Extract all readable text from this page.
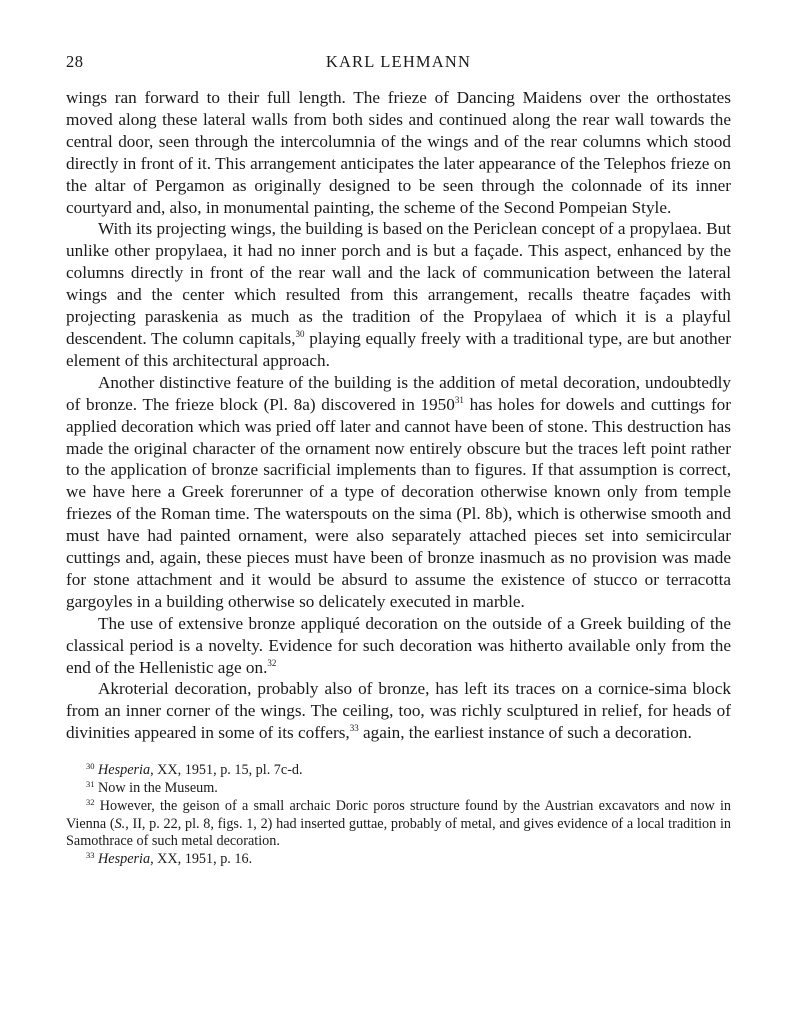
28	KARL LEHMANN

wings ran forward to their full length. The frieze of Dancing Maidens over the orthostates moved along these lateral walls from both sides and continued along the rear wall towards the central door, seen through the intercolumnia of the wings and of the rear columns which stood directly in front of it. This arrangement anticipates the later appearance of the Telephos frieze on the altar of Pergamon as originally designed to be seen through the colonnade of its inner courtyard and, also, in monumental painting, the scheme of the Second Pompeian Style.

With its projecting wings, the building is based on the Periclean concept of a propylaea. But unlike other propylaea, it had no inner porch and is but a façade. This aspect, enhanced by the columns directly in front of the rear wall and the lack of communication between the lateral wings and the center which resulted from this arrangement, recalls theatre façades with projecting paraskenia as much as the tradition of the Propylaea of which it is a playful descendent. The column capitals,$^{30}$ playing equally freely with a traditional type, are but another element of this architectural approach.

Another distinctive feature of the building is the addition of metal decoration, undoubtedly of bronze. The frieze block (Pl. 8a) discovered in 1950$^{31}$ has holes for dowels and cuttings for applied decoration which was pried off later and cannot have been of stone. This destruction has made the original character of the ornament now entirely obscure but the traces left point rather to the application of bronze sacrificial implements than to figures. If that assumption is correct, we have here a Greek forerunner of a type of decoration otherwise known only from temple friezes of the Roman time. The waterspouts on the sima (Pl. 8b), which is otherwise smooth and must have had painted ornament, were also separately attached pieces set into semicircular cuttings and, again, these pieces must have been of bronze inasmuch as no provision was made for stone attachment and it would be absurd to assume the existence of stucco or terracotta gargoyles in a building otherwise so delicately executed in marble.

The use of extensive bronze appliqué decoration on the outside of a Greek building of the classical period is a novelty. Evidence for such decoration was hitherto available only from the end of the Hellenistic age on.$^{32}$

Akroterial decoration, probably also of bronze, has left its traces on a cornice-sima block from an inner corner of the wings. The ceiling, too, was richly sculptured in relief, for heads of divinities appeared in some of its coffers,$^{33}$ again, the earliest instance of such a decoration.

$^{30}$ Hesperia, XX, 1951, p. 15, pl. 7c-d.

$^{31}$ Now in the Museum.

$^{32}$ However, the geison of a small archaic Doric poros structure found by the Austrian excavators and now in Vienna (S., II, p. 22, pl. 8, figs. 1, 2) had inserted guttae, probably of metal, and gives evidence of a local tradition in Samothrace of such metal decoration.

$^{33}$ Hesperia, XX, 1951, p. 16.
